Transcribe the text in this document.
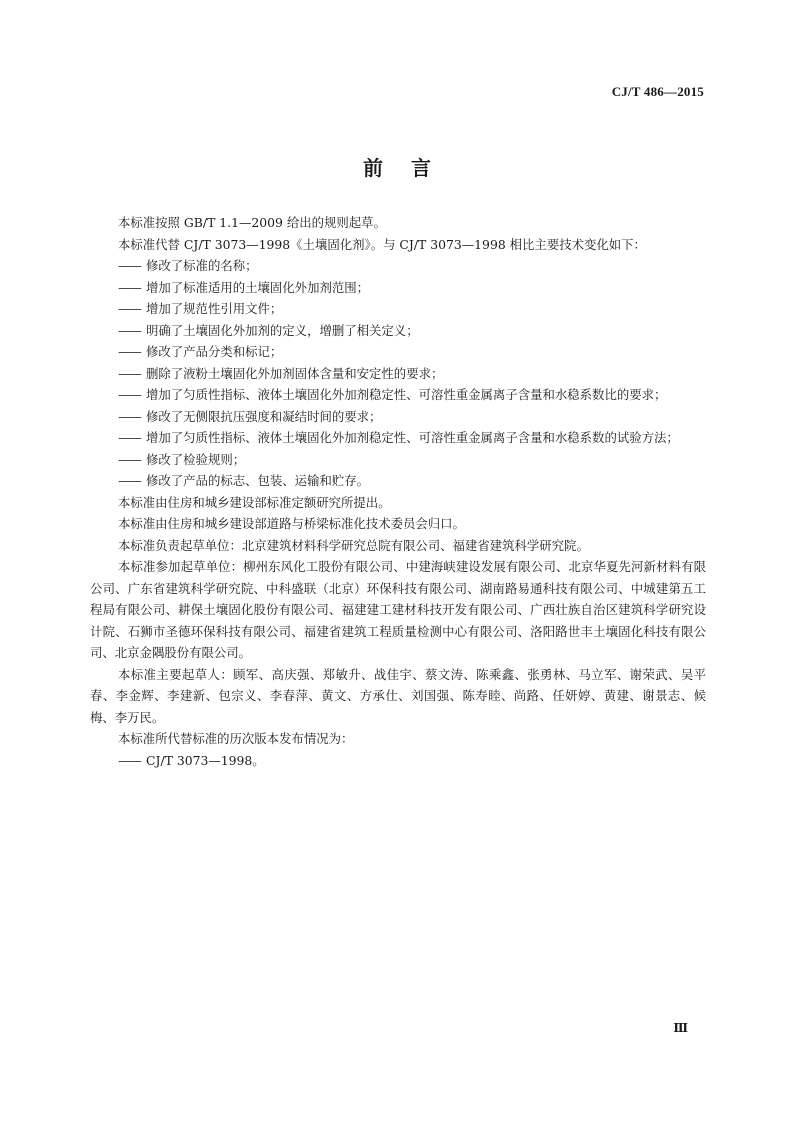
CJ/T 486—2015
前言

本标准按照 GB/T 1.1—2009 给出的规则起草。

本标准代替 CJ/T 3073—1998《土壤固化剂》。与 CJ/T 3073—1998 相比主要技术变化如下：

—— 修改了标准的名称；
—— 增加了标准适用的土壤固化外加剂范围；
—— 增加了规范性引用文件；
—— 明确了土壤固化外加剂的定义，增删了相关定义；
—— 修改了产品分类和标记；
—— 删除了液粉土壤固化外加剂固体含量和安定性的要求；
—— 增加了匀质性指标、液体土壤固化外加剂稳定性、可溶性重金属离子含量和水稳系数比的要求；
—— 修改了无侧限抗压强度和凝结时间的要求；
—— 增加了匀质性指标、液体土壤固化外加剂稳定性、可溶性重金属离子含量和水稳系数的试验方法；
—— 修改了检验规则；
—— 修改了产品的标志、包装、运输和贮存。

本标准由住房和城乡建设部标准定额研究所提出。

本标准由住房和城乡建设部道路与桥梁标准化技术委员会归口。

本标准负责起草单位：北京建筑材料科学研究总院有限公司、福建省建筑科学研究院。

本标准参加起草单位：柳州东风化工股份有限公司、中建海峡建设发展有限公司、北京华夏先河新材料有限公司、广东省建筑科学研究院、中科盛联（北京）环保科技有限公司、湖南路易通科技有限公司、中城建第五工程局有限公司、耕保土壤固化股份有限公司、福建建工建材科技开发有限公司、广西壮族自治区建筑科学研究设计院、石狮市圣德环保科技有限公司、福建省建筑工程质量检测中心有限公司、洛阳路世丰土壤固化科技有限公司、北京金隅股份有限公司。

本标准主要起草人：顾军、高庆强、郑敏升、战佳宇、蔡文涛、陈乘鑫、张勇林、马立军、谢荣武、吴平春、李金辉、李建新、包宗义、李春萍、黄文、方承仕、刘国强、陈寿睦、尚路、任妍婷、黄建、谢景志、候梅、李万民。

本标准所代替标准的历次版本发布情况为：

—— CJ/T 3073—1998。
Ⅲ
